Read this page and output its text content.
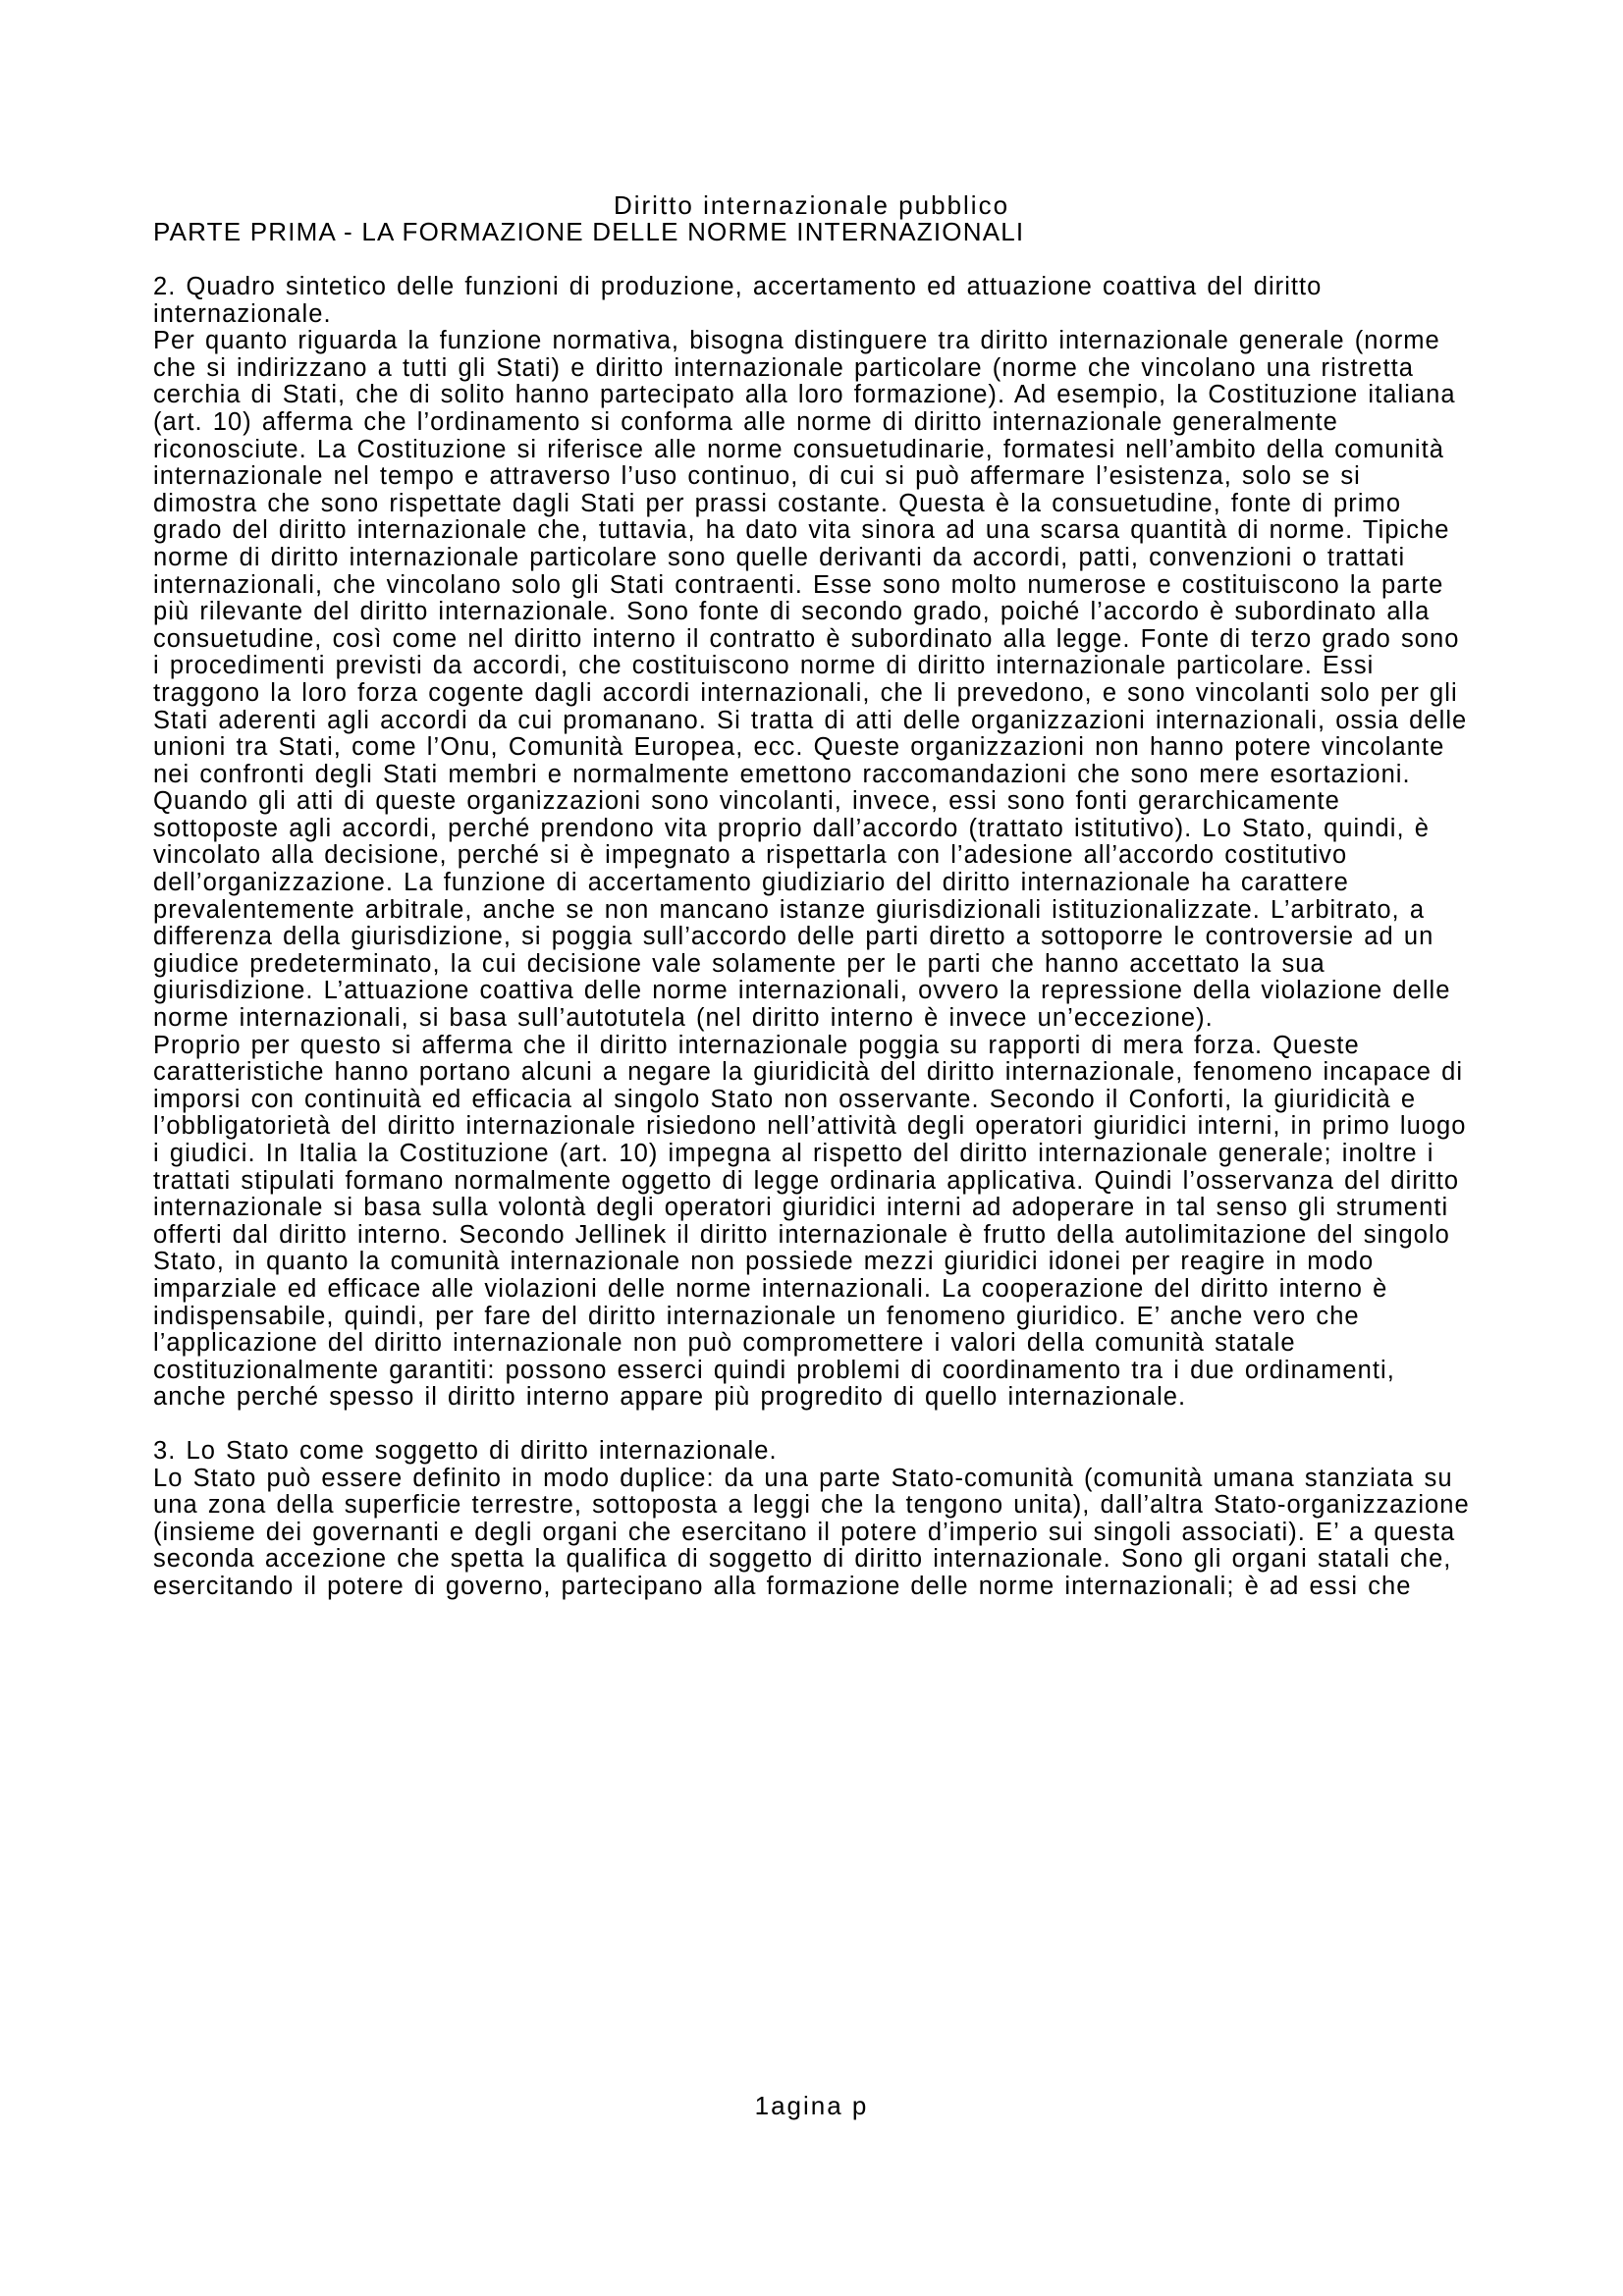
Diritto internazionale pubblico
PARTE PRIMA - LA FORMAZIONE DELLE NORME INTERNAZIONALI
2. Quadro sintetico delle funzioni di produzione, accertamento ed attuazione coattiva del diritto internazionale.
Per quanto riguarda la funzione normativa, bisogna distinguere tra diritto internazionale generale (norme che si indirizzano a tutti gli Stati) e diritto internazionale particolare (norme che vincolano una ristretta cerchia di Stati, che di solito hanno partecipato alla loro formazione). Ad esempio, la Costituzione italiana (art. 10) afferma che l’ordinamento si conforma alle norme di diritto internazionale generalmente riconosciute. La Costituzione si riferisce alle norme consuetudinarie, formatesi nell’ambito della comunità internazionale nel tempo e attraverso l’uso continuo, di cui si può affermare l’esistenza, solo se si dimostra che sono rispettate dagli Stati per prassi costante. Questa è la consuetudine, fonte di primo grado del diritto internazionale che, tuttavia, ha dato vita sinora ad una scarsa quantità di norme. Tipiche norme di diritto internazionale particolare sono quelle derivanti da accordi, patti, convenzioni o trattati internazionali, che vincolano solo gli Stati contraenti. Esse sono molto numerose e costituiscono la parte più rilevante del diritto internazionale. Sono fonte di secondo grado, poiché l’accordo è subordinato alla consuetudine, così come nel diritto interno il contratto è subordinato alla legge. Fonte di terzo grado sono i procedimenti previsti da accordi, che costituiscono norme di diritto internazionale particolare. Essi traggono la loro forza cogente dagli accordi internazionali, che li prevedono, e sono vincolanti solo per gli Stati aderenti agli accordi da cui promanano. Si tratta di atti delle organizzazioni internazionali, ossia delle unioni tra Stati, come l’Onu, Comunità Europea, ecc. Queste organizzazioni non hanno potere vincolante nei confronti degli Stati membri e normalmente emettono raccomandazioni che sono mere esortazioni. Quando gli atti di queste organizzazioni sono vincolanti, invece, essi sono fonti gerarchicamente sottoposte agli accordi, perché prendono vita proprio dall’accordo (trattato istitutivo). Lo Stato, quindi, è vincolato alla decisione, perché si è impegnato a rispettarla con l’adesione all’accordo costitutivo dell’organizzazione. La funzione di accertamento giudiziario del diritto internazionale ha carattere prevalentemente arbitrale, anche se non mancano istanze giurisdizionali istituzionalizzate. L’arbitrato, a differenza della giurisdizione, si poggia sull’accordo delle parti diretto a sottoporre le controversie ad un giudice predeterminato, la cui decisione vale solamente per le parti che hanno accettato la sua giurisdizione. L’attuazione coattiva delle norme internazionali, ovvero la repressione della violazione delle norme internazionali, si basa sull’autotutela (nel diritto interno è invece un’eccezione).
Proprio per questo si afferma che il diritto internazionale poggia su rapporti di mera forza. Queste caratteristiche hanno portano alcuni a negare la giuridicità del diritto internazionale, fenomeno incapace di imporsi con continuità ed efficacia al singolo Stato non osservante. Secondo il Conforti, la giuridicità e l’obbligatorietà del diritto internazionale risiedono nell’attività degli operatori giuridici interni, in primo luogo i giudici. In Italia la Costituzione (art. 10) impegna al rispetto del diritto internazionale generale; inoltre i trattati stipulati formano normalmente oggetto di legge ordinaria applicativa. Quindi l’osservanza del diritto internazionale si basa sulla volontà degli operatori giuridici interni ad adoperare in tal senso gli strumenti offerti dal diritto interno. Secondo Jellinek il diritto internazionale è frutto della autolimitazione del singolo Stato, in quanto la comunità internazionale non possiede mezzi giuridici idonei per reagire in modo imparziale ed efficace alle violazioni delle norme internazionali. La cooperazione del diritto interno è indispensabile, quindi, per fare del diritto internazionale un fenomeno giuridico. E’ anche vero che l’applicazione del diritto internazionale non può compromettere i valori della comunità statale costituzionalmente garantiti: possono esserci quindi problemi di coordinamento tra i due ordinamenti, anche perché spesso il diritto interno appare più progredito di quello internazionale.
3. Lo Stato come soggetto di diritto internazionale.
Lo Stato può essere definito in modo duplice: da una parte Stato-comunità (comunità umana stanziata su una zona della superficie terrestre, sottoposta a leggi che la tengono unita), dall’altra Stato-organizzazione (insieme dei governanti e degli organi che esercitano il potere d’imperio sui singoli associati). E’ a questa seconda accezione che spetta la qualifica di soggetto di diritto internazionale. Sono gli organi statali che, esercitando il potere di governo, partecipano alla formazione delle norme internazionali; è ad essi che
1agina p
